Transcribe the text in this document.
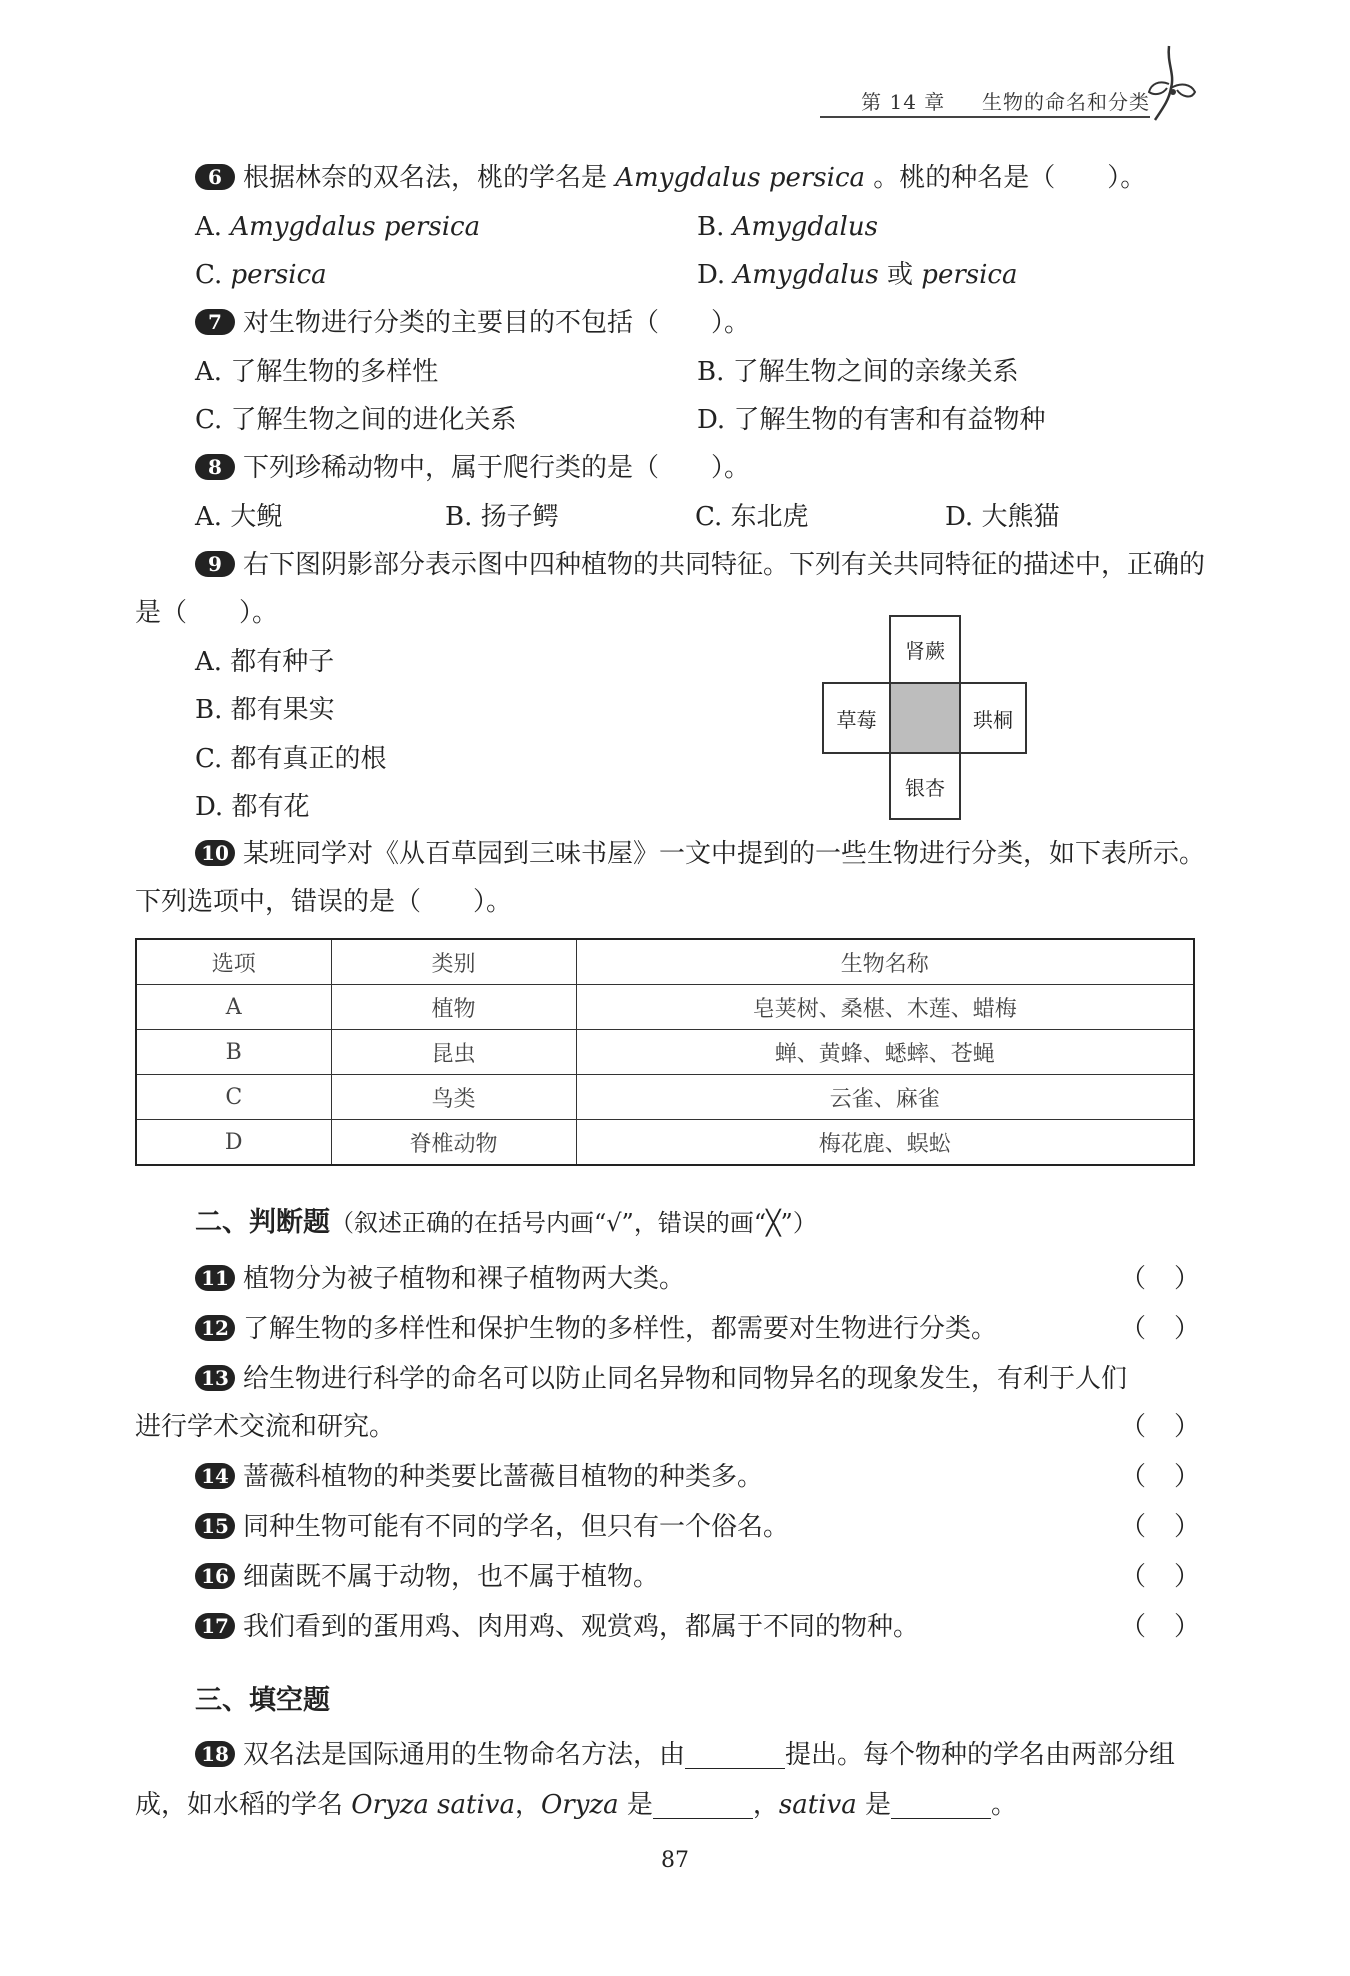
第 14 章 生物的命名和分类
6 根据林奈的双名法，桃的学名是 Amygdalus persica 。桃的种名是（　　）。
A. Amygdalus persica	B. Amygdalus
C. persica	D. Amygdalus 或 persica
7 对生物进行分类的主要目的不包括（　　）。
A. 了解生物的多样性	B. 了解生物之间的亲缘关系
C. 了解生物之间的进化关系	D. 了解生物的有害和有益物种
8 下列珍稀动物中，属于爬行类的是（　　）。
A. 大鲵	B. 扬子鳄	C. 东北虎	D. 大熊猫
9 右下图阴影部分表示图中四种植物的共同特征。下列有关共同特征的描述中，正确的是（　　）。
A. 都有种子
B. 都有果实
C. 都有真正的根
D. 都有花
肾蕨
草莓	珙桐
银杏
10 某班同学对《从百草园到三味书屋》一文中提到的一些生物进行分类，如下表所示。下列选项中，错误的是（　　）。
选项	类别	生物名称
A	植物	皂荚树、桑椹、木莲、蜡梅
B	昆虫	蝉、黄蜂、蟋蟀、苍蝇
C	鸟类	云雀、麻雀
D	脊椎动物	梅花鹿、蜈蚣
二、判断题（叙述正确的在括号内画“√”，错误的画“╳”）
11 植物分为被子植物和裸子植物两大类。	（ ）
12 了解生物的多样性和保护生物的多样性，都需要对生物进行分类。	（ ）
13 给生物进行科学的命名可以防止同名异物和同物异名的现象发生，有利于人们进行学术交流和研究。	（ ）
14 蔷薇科植物的种类要比蔷薇目植物的种类多。	（ ）
15 同种生物可能有不同的学名，但只有一个俗名。	（ ）
16 细菌既不属于动物，也不属于植物。	（ ）
17 我们看到的蛋用鸡、肉用鸡、观赏鸡，都属于不同的物种。	（ ）
三、填空题
18 双名法是国际通用的生物命名方法，由	提出。每个物种的学名由两部分组成，如水稻的学名 Oryza sativa，Oryza 是	，sativa 是	。
87
